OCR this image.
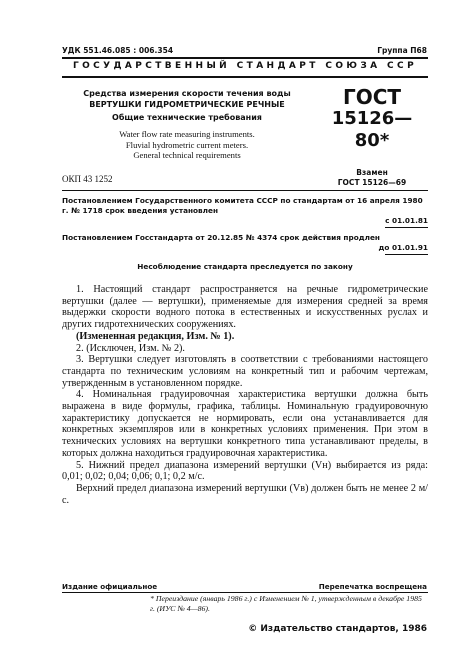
УДК 551.46.085 : 006.354	Группа П68
ГОСУДАРСТВЕННЫЙ СТАНДАРТ СОЮЗА ССР
Средства измерения скорости течения воды
ВЕРТУШКИ ГИДРОМЕТРИЧЕСКИЕ РЕЧНЫЕ
Общие технические требования
Water flow rate measuring instruments.
Fluvial hydrometric current meters.
General technical requirements
ГОСТ
15126—80*
Взамен
ГОСТ 15126—69
ОКП 43 1252
Постановлением Государственного комитета СССР по стандартам от 16 апреля 1980 г. № 1718 срок введения установлен
с 01.01.81
Постановлением Госстандарта от 20.12.85 № 4374 срок действия продлен
до 01.01.91
Несоблюдение стандарта преследуется по закону

1. Настоящий стандарт распространяется на речные гидрометрические вертушки (далее — вертушки), применяемые для измерения средней за время выдержки скорости водного потока в естественных и искусственных руслах и других гидротехнических сооружениях.

(Измененная редакция, Изм. № 1).

2. (Исключен, Изм. № 2).

3. Вертушки следует изготовлять в соответствии с требованиями настоящего стандарта по техническим условиям на конкретный тип и рабочим чертежам, утвержденным в установленном порядке.

4. Номинальная градуировочная характеристика вертушки должна быть выражена в виде формулы, графика, таблицы. Номинальную градуировочную характеристику допускается не нормировать, если она устанавливается для конкретных экземпляров или в конкретных условиях применения. При этом в технических условиях на вертушки конкретного типа устанавливают пределы, в которых должна находиться градуировочная характеристика.

5. Нижний предел диапазона измерений вертушки (Vн) выбирается из ряда: 0,01; 0,02; 0,04; 0,06; 0,1; 0,2 м/с.

Верхний предел диапазона измерений вертушки (Vв) должен быть не менее 2 м/с.

Издание официальное	Перепечатка воспрещена
* Переиздание (январь 1986 г.) с Изменением № 1, утвержденным в декабре 1985 г. (ИУС № 4—86).
© Издательство стандартов, 1986
